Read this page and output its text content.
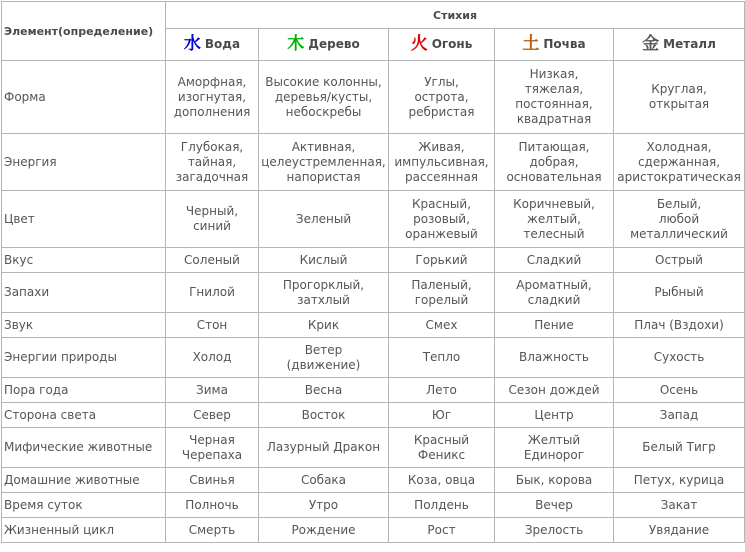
Элемент(определение)	Стихия				
	水 Вода	木 Дерево	火 Огонь	土 Почва	金 Металл
Форма	Аморфная,
изогнутая,
дополнения	Высокие колонны,
деревья/кусты,
небоскребы	Углы,
острота,
ребристая	Низкая,
тяжелая,
постоянная,
квадратная	Круглая,
открытая

Энергия	Глубокая,
тайная,
загадочная	Активная,
целеустремленная,
напористая	Живая,
импульсивная,
рассеянная	Питающая,
добрая,
основательная	Холодная,
сдержанная,
аристократическая

Цвет	Черный,
синий	Зеленый	Красный,
розовый,
оранжевый	Коричневый,
желтый,
телесный	Белый,
любой
металлический

Вкус	Соленый	Кислый	Горький	Сладкий	Острый

Запахи	Гнилой	Прогорклый,
затхлый	Паленый,
горелый	Ароматный,
сладкий	Рыбный

Звук	Стон	Крик	Смех	Пение	Плач (Вздохи)

Энергии природы	Холод	Ветер
(движение)	Тепло	Влажность	Сухость

Пора года	Зима	Весна	Лето	Сезон дождей	Осень

Сторона света	Север	Восток	Юг	Центр	Запад

Мифические животные	Черная
Черепаха	Лазурный Дракон	Красный
Феникс	Желтый Единорог	Белый Тигр

Домашние животные	Свинья	Собака	Коза, овца	Бык, корова	Петух, курица

Время суток	Полночь	Утро	Полдень	Вечер	Закат

Жизненный цикл	Смерть	Рождение	Рост	Зрелость	Увядание
